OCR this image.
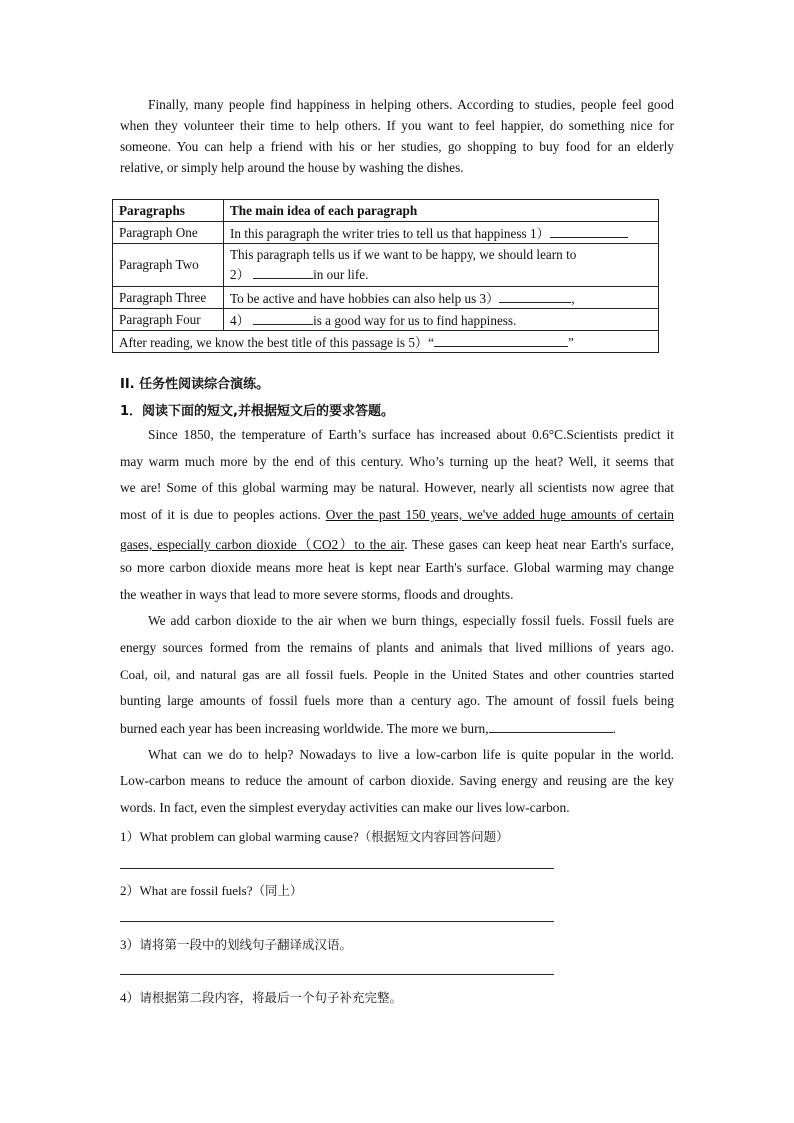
Finally, many people find happiness in helping others. According to studies, people feel good
when they volunteer their time to help others. If you want to feel happier, do something nice for
someone. You can help a friend with his or her studies, go shopping to buy food for an elderly
relative, or simply help around the house by washing the dishes.
Paragraphs	The main idea of each paragraph
Paragraph One	In this paragraph the writer tries to tell us that happiness 1）
Paragraph Two	This paragraph tells us if we want to be happy, we should learn to
2） in our life.
Paragraph Three	To be active and have hobbies can also help us 3） ,
Paragraph Four	4） is a good way for us to find happiness.
After reading, we know the best title of this passage is 5）“ ”	
II. 任务性阅读综合演练。
1．阅读下面的短文,并根据短文后的要求答题。
Since 1850, the temperature of Earth’s surface has increased about 0.6°C.Scientists predict it
may warm much more by the end of this century. Who’s turning up the heat? Well, it seems that
we are! Some of this global warming may be natural. However, nearly all scientists now agree that
most of it is due to peoples actions. Over the past 150 years, we've added huge amounts of certain
gases, especially carbon dioxide（CO2）to the air. These gases can keep heat near Earth's surface,
so more carbon dioxide means more heat is kept near Earth's surface. Global warming may change
the weather in ways that lead to more severe storms, floods and droughts.
We add carbon dioxide to the air when we burn things, especially fossil fuels. Fossil fuels are
energy sources formed from the remains of plants and animals that lived millions of years ago.
Coal, oil, and natural gas are all fossil fuels. People in the United States and other countries started
bunting large amounts of fossil fuels more than a century ago. The amount of fossil fuels being
burned each year has been increasing worldwide. The more we burn,	.
What can we do to help? Nowadays to live a low-carbon life is quite popular in the world.
Low-carbon means to reduce the amount of carbon dioxide. Saving energy and reusing are the key
words. In fact, even the simplest everyday activities can make our lives low-carbon.
1）What problem can global warming cause?（根据短文内容回答问题）
2）What are fossil fuels?（同上）
3）请将第一段中的划线句子翻译成汉语。
4）请根据第二段内容，将最后一个句子补充完整。
